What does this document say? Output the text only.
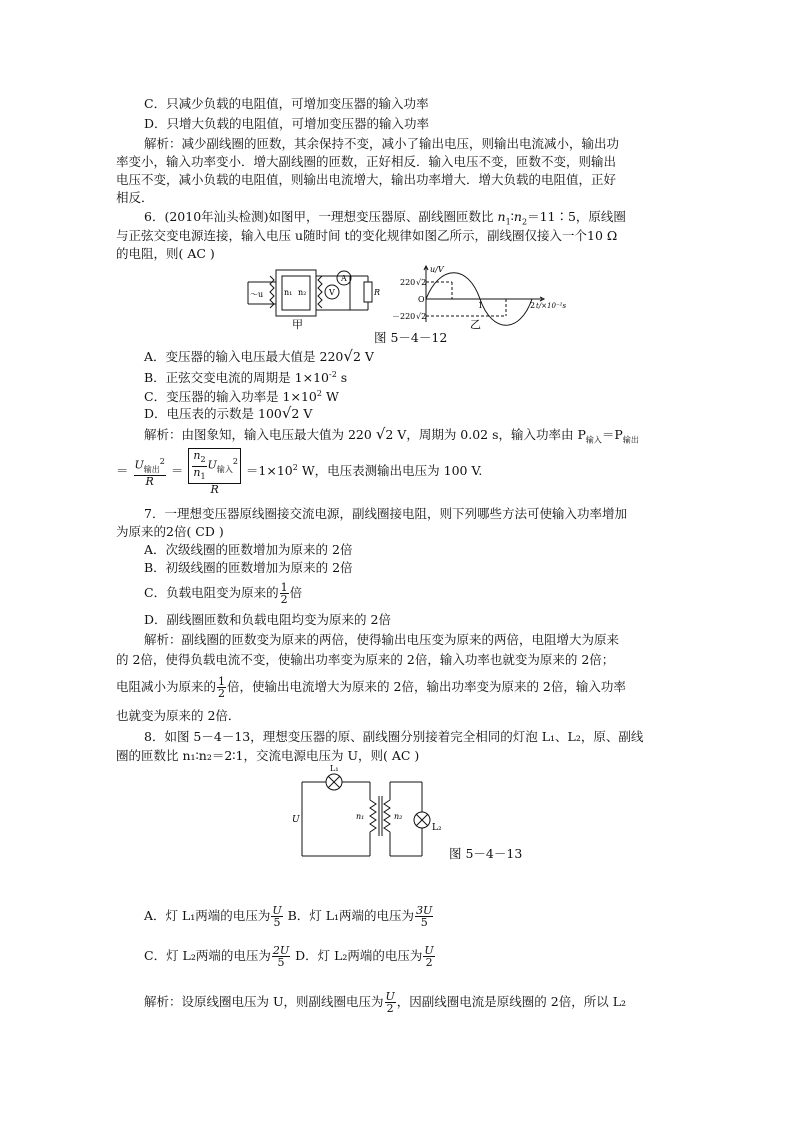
C．只减少负载的电阻值，可增加变压器的输入功率
D．只增大负载的电阻值，可增加变压器的输入功率
解析：减少副线圈的匝数，其余保持不变，减小了输出电压，则输出电流减小，输出功
率变小，输入功率变小．增大副线圈的匝数，正好相反．输入电压不变，匝数不变，则输出
电压不变，减小负载的电阻值，则输出电流增大，输出功率增大．增大负载的电阻值，正好
相反．
6．(2010年汕头检测)如图甲，一理想变压器原、副线圈匝数比 $n_1∶n_2=11∶5$，原线圈
与正弦交变电源连接，输入电压 u随时间 t的变化规律如图乙所示，副线圈仅接入一个10 Ω
的电阻，则( AC )
～u	n₁ n₂
A
V	R
甲
u/V
220 √2
－220 √2
O
1	2 t/×10⁻²s
乙
图 5－4－12
A．变压器的输入电压最大值是 220√2 V
B．正弦交变电流的周期是 $1\times 10^{-2}$ s
C．变压器的输入功率是 $1\times 10^2$ W
D．电压表的示数是 100√2 V
解析：由图象知，输入电压最大值为 220 √2 V，周期为 0.02 s，输入功率由 $P_{输入}=P_{输出}$
＝ $\frac{U_{输出}^2}{R} = \frac{\frac{n_2}{n_1} U_{输入}^2}{R} =1\times 10^2$ W，电压表测输出电压为 100 V.
7．一理想变压器原线圈接交流电源，副线圈接电阻，则下列哪些方法可使输入功率增加
为原来的2倍( CD )
A．次级线圈的匝数增加为原来的 2倍
B．初级线圈的匝数增加为原来的 2倍
C．负载电阻变为原来的 $\frac{1}{2}$ 倍
D．副线圈匝数和负载电阻均变为原来的 2倍
解析：副线圈的匝数变为原来的两倍，使得输出电压变为原来的两倍，电阻增大为原来
的 2倍，使得负载电流不变，使输出功率变为原来的 2倍，输入功率也就变为原来的 2倍；
电阻减小为原来的 $\frac{1}{2}$ 倍，使输出电流增大为原来的 2倍，输出功率变为原来的 2倍，输入功率
也就变为原来的 2倍．
8．如图 5－4－13，理想变压器的原、副线圈分别接着完全相同的灯泡 L₁、L₂，原、副线
圈的匝数比 n₁∶n₂＝2∶1，交流电源电压为 U，则( AC )
L₁
L₂
U	n₁	n₂
图 5－4－13
A．灯 L₁两端的电压为 $\frac{U}{5}$ B．灯 L₁两端的电压为 $\frac{3U}{5}$
C．灯 L₂两端的电压为 $\frac{2U}{5}$ D．灯 L₂两端的电压为 $\frac{U}{2}$
解析：设原线圈电压为 U，则副线圈电压为 $\frac{U}{2}$ ，因副线圈电流是原线圈的 2倍，所以 L₂
